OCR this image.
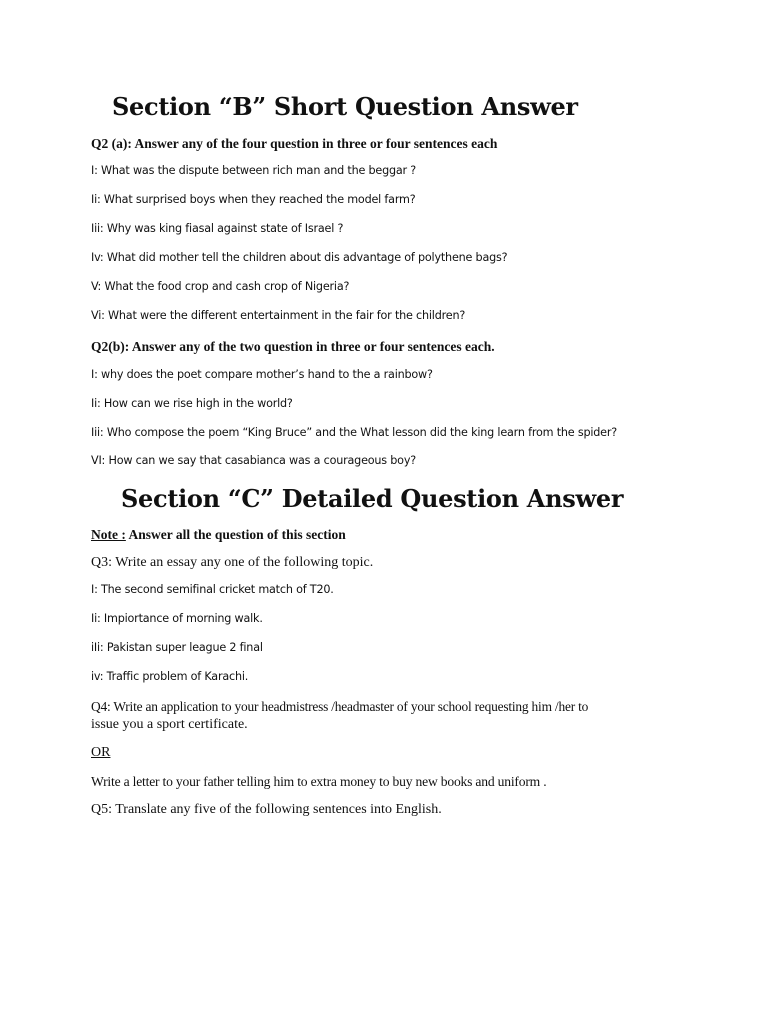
Section “B” Short Question Answer
Q2 (a): Answer any of the four question in three or four sentences each
I: What was the dispute between rich man and the beggar ?
Ii: What surprised boys when they reached the model farm?
Iii: Why was king fiasal against state of Israel ?
Iv: What did mother tell the children about dis advantage of polythene bags?
V: What the food crop and cash crop of Nigeria?
Vi: What were the different entertainment in the fair for the children?
Q2(b): Answer any of the two question in three or four sentences each.
I: why does the poet compare mother’s hand to the a rainbow?
Ii: How can we rise high in the world?
Iii: Who compose the poem “King Bruce” and the What lesson did the king learn from the spider?
VI: How can we say that casabianca was a courageous boy?
Section “C” Detailed Question Answer
Note : Answer all the question of this section
Q3: Write an essay any one of the following topic.
I: The second semifinal cricket match of T20.
Ii: Impiortance of morning walk.
iIi: Pakistan super league 2 final
iv: Traffic problem of Karachi.
Q4: Write an application to your headmistress /headmaster of your school requesting him /her to
issue you a sport certificate.
OR
Write a letter to your father telling him to extra money to buy new books and uniform .
Q5: Translate any five of the following sentences into English.
